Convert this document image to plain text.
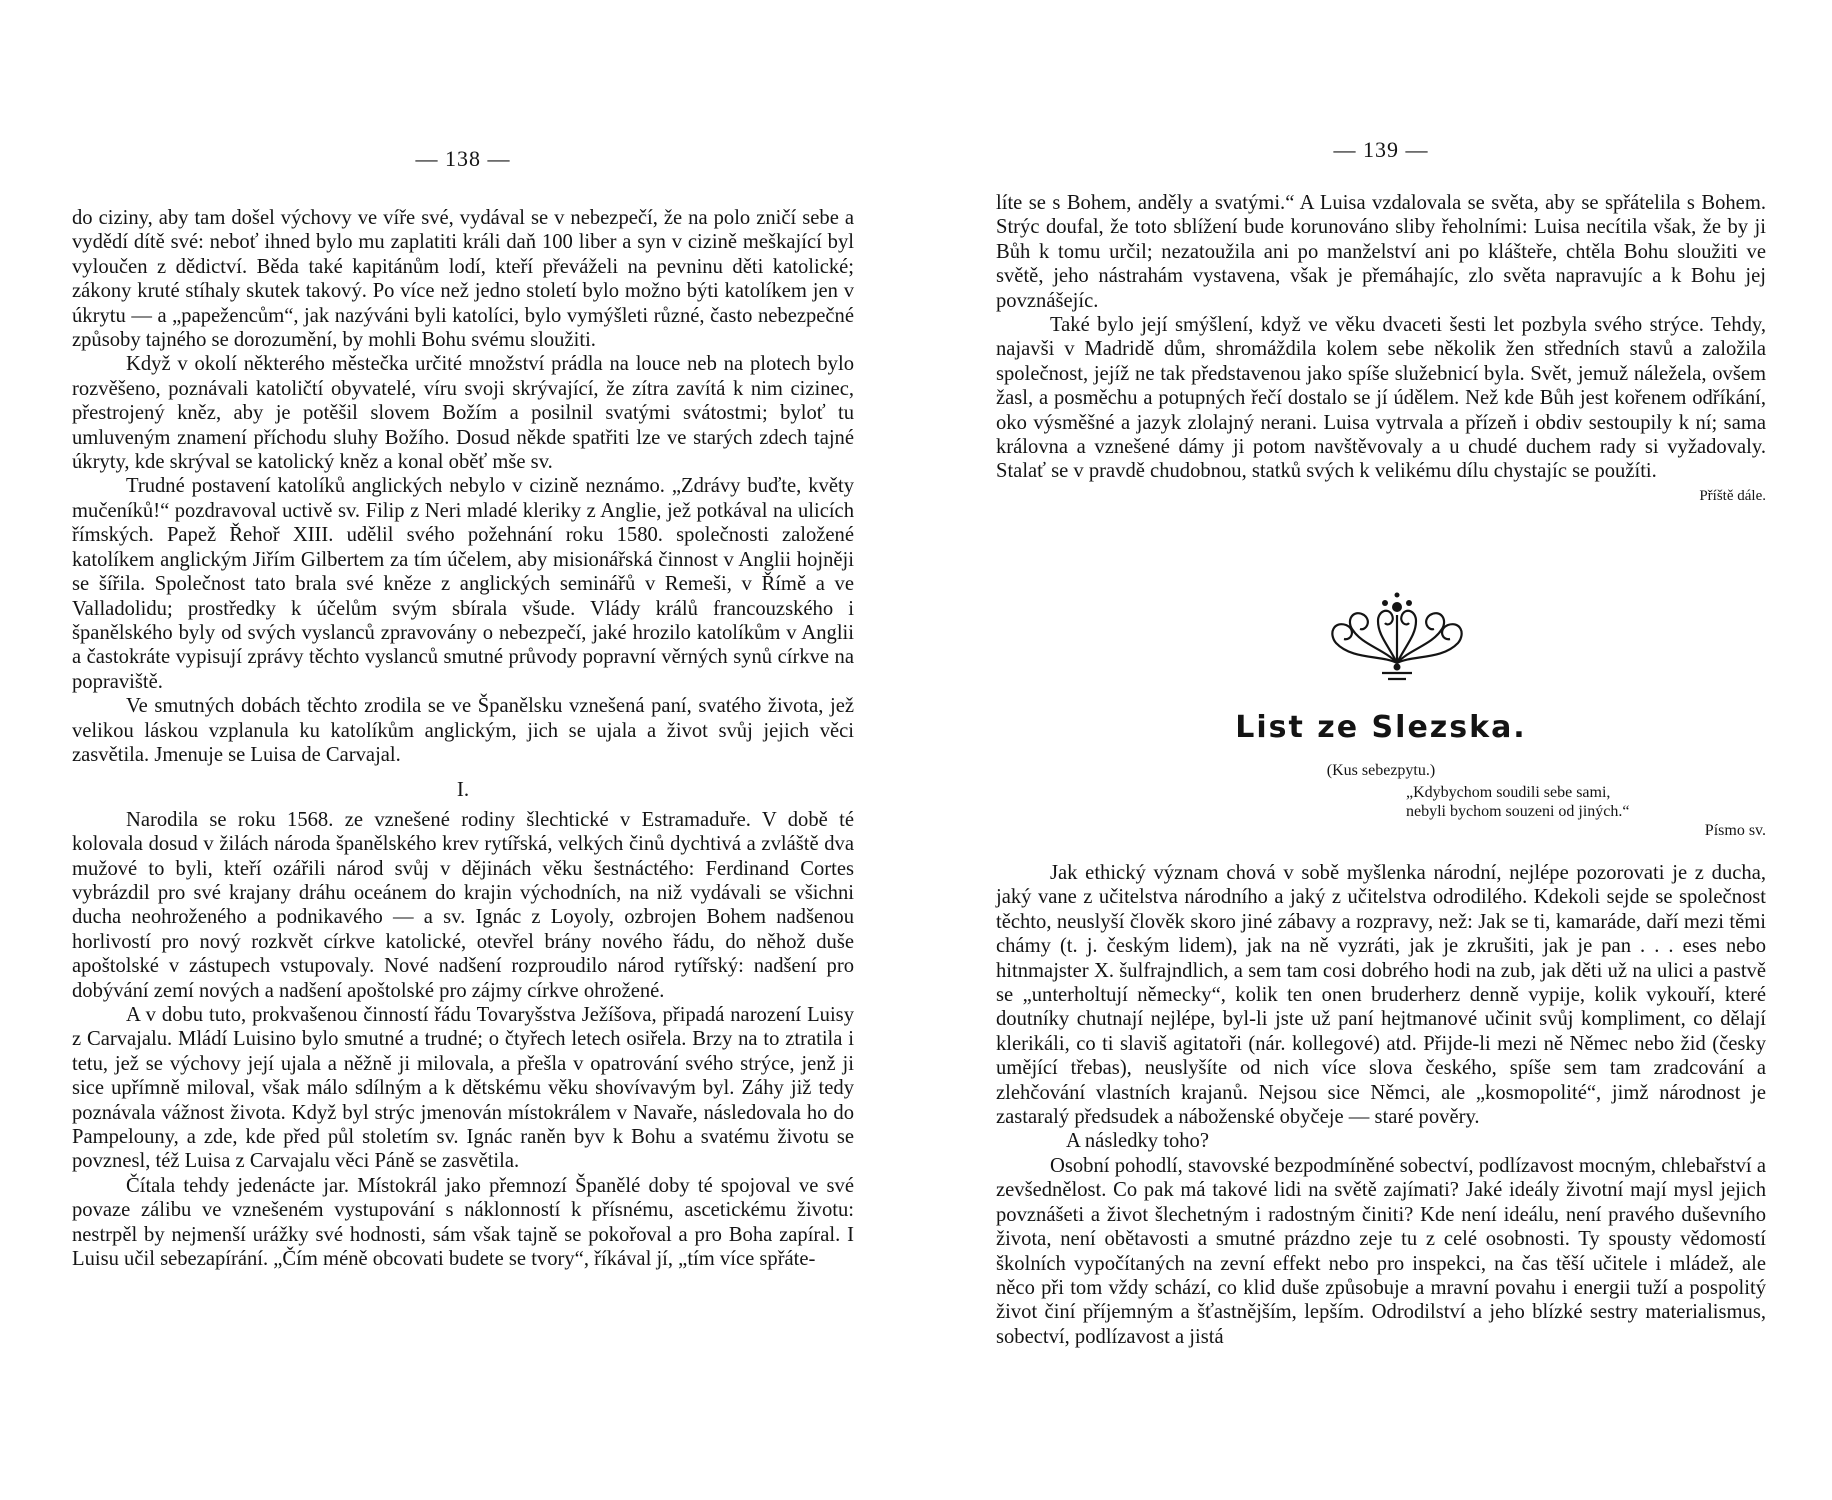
— 138 —

do ciziny, aby tam došel výchovy ve víře své, vydával se v nebezpečí, že na polo zničí sebe a vydědí dítě své: neboť ihned bylo mu zaplatiti králi daň 100 liber a syn v cizině meškající byl vyloučen z dědictví. Běda také kapitánům lodí, kteří převáželi na pevninu děti katolické; zákony kruté stíhaly skutek takový. Po více než jedno století bylo možno býti katolíkem jen v úkrytu — a „papežencům“, jak nazýváni byli katolíci, bylo vymýšleti různé, často nebezpečné způsoby tajného se dorozumění, by mohli Bohu svému sloužiti.

Když v okolí některého městečka určité množství prádla na louce neb na plotech bylo rozvěšeno, poznávali katoličtí obyvatelé, víru svoji skrývající, že zítra zavítá k nim cizinec, přestrojený kněz, aby je potěšil slovem Božím a posilnil svatými svátostmi; byloť tu umluveným znamení příchodu sluhy Božího. Dosud někde spatřiti lze ve starých zdech tajné úkryty, kde skrýval se katolický kněz a konal oběť mše sv.

Trudné postavení katolíků anglických nebylo v cizině neznámo. „Zdrávy buďte, květy mučeníků!“ pozdravoval uctivě sv. Filip z Neri mladé kleriky z Anglie, jež potkával na ulicích římských. Papež Řehoř XIII. udělil svého požehnání roku 1580. společnosti založené katolíkem anglickým Jiřím Gilbertem za tím účelem, aby misionářská činnost v Anglii hojněji se šířila. Společnost tato brala své kněze z anglických seminářů v Remeši, v Římě a ve Valladolidu; prostředky k účelům svým sbírala všude. Vlády králů francouzského i španělského byly od svých vyslanců zpravovány o nebezpečí, jaké hrozilo katolíkům v Anglii a častokráte vypisují zprávy těchto vyslanců smutné průvody popravní věrných synů církve na popraviště.

Ve smutných dobách těchto zrodila se ve Španělsku vznešená paní, svatého života, jež velikou láskou vzplanula ku katolíkům anglickým, jich se ujala a život svůj jejich věci zasvětila. Jmenuje se Luisa de Carvajal.

I.

Narodila se roku 1568. ze vznešené rodiny šlechtické v Estramaduře. V době té kolovala dosud v žilách národa španělského krev rytířská, velkých činů dychtivá a zvláště dva mužové to byli, kteří ozářili národ svůj v dějinách věku šestnáctého: Ferdinand Cortes vybrázdil pro své krajany dráhu oceánem do krajin východních, na niž vydávali se všichni ducha neohroženého a podnikavého — a sv. Ignác z Loyoly, ozbrojen Bohem nadšenou horlivostí pro nový rozkvět církve katolické, otevřel brány nového řádu, do něhož duše apoštolské v zástupech vstupovaly. Nové nadšení rozproudilo národ rytířský: nadšení pro dobývání zemí nových a nadšení apoštolské pro zájmy církve ohrožené.

A v dobu tuto, prokvašenou činností řádu Tovaryšstva Ježíšova, připadá narození Luisy z Carvajalu. Mládí Luisino bylo smutné a trudné; o čtyřech letech osiřela. Brzy na to ztratila i tetu, jež se výchovy její ujala a něžně ji milovala, a přešla v opatrování svého strýce, jenž ji sice upřímně miloval, však málo sdílným a k dětskému věku shovívavým byl. Záhy již tedy poznávala vážnost života. Když byl strýc jmenován místokrálem v Navaře, následovala ho do Pampelouny, a zde, kde před půl stoletím sv. Ignác raněn byv k Bohu a svatému životu se povznesl, též Luisa z Carvajalu věci Páně se zasvětila.

Čítala tehdy jedenácte jar. Místokrál jako přemnozí Španělé doby té spojoval ve své povaze zálibu ve vznešeném vystupování s náklonností k přísnému, ascetickému životu: nestrpěl by nejmenší urážky své hodnosti, sám však tajně se pokořoval a pro Boha zapíral. I Luisu učil sebezapírání. „Čím méně obcovati budete se tvory“, říkával jí, „tím více spřáte-

— 139 —

líte se s Bohem, anděly a svatými.“ A Luisa vzdalovala se světa, aby se spřátelila s Bohem. Strýc doufal, že toto sblížení bude korunováno sliby řeholními: Luisa necítila však, že by ji Bůh k tomu určil; nezatoužila ani po manželství ani po klášteře, chtěla Bohu sloužiti ve světě, jeho nástrahám vystavena, však je přemáhajíc, zlo světa napravujíc a k Bohu jej povznášejíc.

Také bylo její smýšlení, když ve věku dvaceti šesti let pozbyla svého strýce. Tehdy, najavši v Madridě dům, shromáždila kolem sebe několik žen středních stavů a založila společnost, jejíž ne tak představenou jako spíše služebnicí byla. Svět, jemuž náležela, ovšem žasl, a posměchu a potupných řečí dostalo se jí údělem. Než kde Bůh jest kořenem odříkání, oko výsměšné a jazyk zlolajný nerani. Luisa vytrvala a přízeň i obdiv sestoupily k ní; sama královna a vznešené dámy ji potom navštěvovaly a u chudé duchem rady si vyžadovaly. Stalať se v pravdě chudobnou, statků svých k velikému dílu chystajíc se použíti.
Příště dále.

List ze Slezska.
(Kus sebezpytu.)
„Kdybychom soudili sebe sami,
nebyli bychom souzeni od jiných.“
Písmo sv.

Jak ethický význam chová v sobě myšlenka národní, nejlépe pozorovati je z ducha, jaký vane z učitelstva národního a jaký z učitelstva odrodilého. Kdekoli sejde se společnost těchto, neuslyší člověk skoro jiné zábavy a rozpravy, než: Jak se ti, kamaráde, daří mezi těmi chámy (t. j. českým lidem), jak na ně vyzráti, jak je zkrušiti, jak je pan . . . eses nebo hitnmajster X. šulfrajndlich, a sem tam cosi dobrého hodi na zub, jak děti už na ulici a pastvě se „unterholtují německy“, kolik ten onen bruderherz denně vypije, kolik vykouří, které doutníky chutnají nejlépe, byl-li jste už paní hejtmanové učinit svůj kompliment, co dělají klerikáli, co ti slaviš agitatoři (nár. kollegové) atd. Přijde-li mezi ně Němec nebo žid (česky umějící třebas), neuslyšíte od nich více slova českého, spíše sem tam zradcování a zlehčování vlastních krajanů. Nejsou sice Němci, ale „kosmopolité“, jimž národnost je zastaralý předsudek a náboženské obyčeje — staré pověry.

A následky toho?

Osobní pohodlí, stavovské bezpodmíněné sobectví, podlízavost mocným, chlebařství a zevšednělost. Co pak má takové lidi na světě zajímati? Jaké ideály životní mají mysl jejich povznášeti a život šlechetným i radostným činiti? Kde není ideálu, není pravého duševního života, není obětavosti a smutné prázdno zeje tu z celé osobnosti. Ty spousty vědomostí školních vypočítaných na zevní effekt nebo pro inspekci, na čas těší učitele i mládež, ale něco při tom vždy schází, co klid duše způsobuje a mravní povahu i energii tuží a pospolitý život činí příjemným a šťastnějším, lepším. Odrodilství a jeho blízké sestry materialismus, sobectví, podlízavost a jistá
